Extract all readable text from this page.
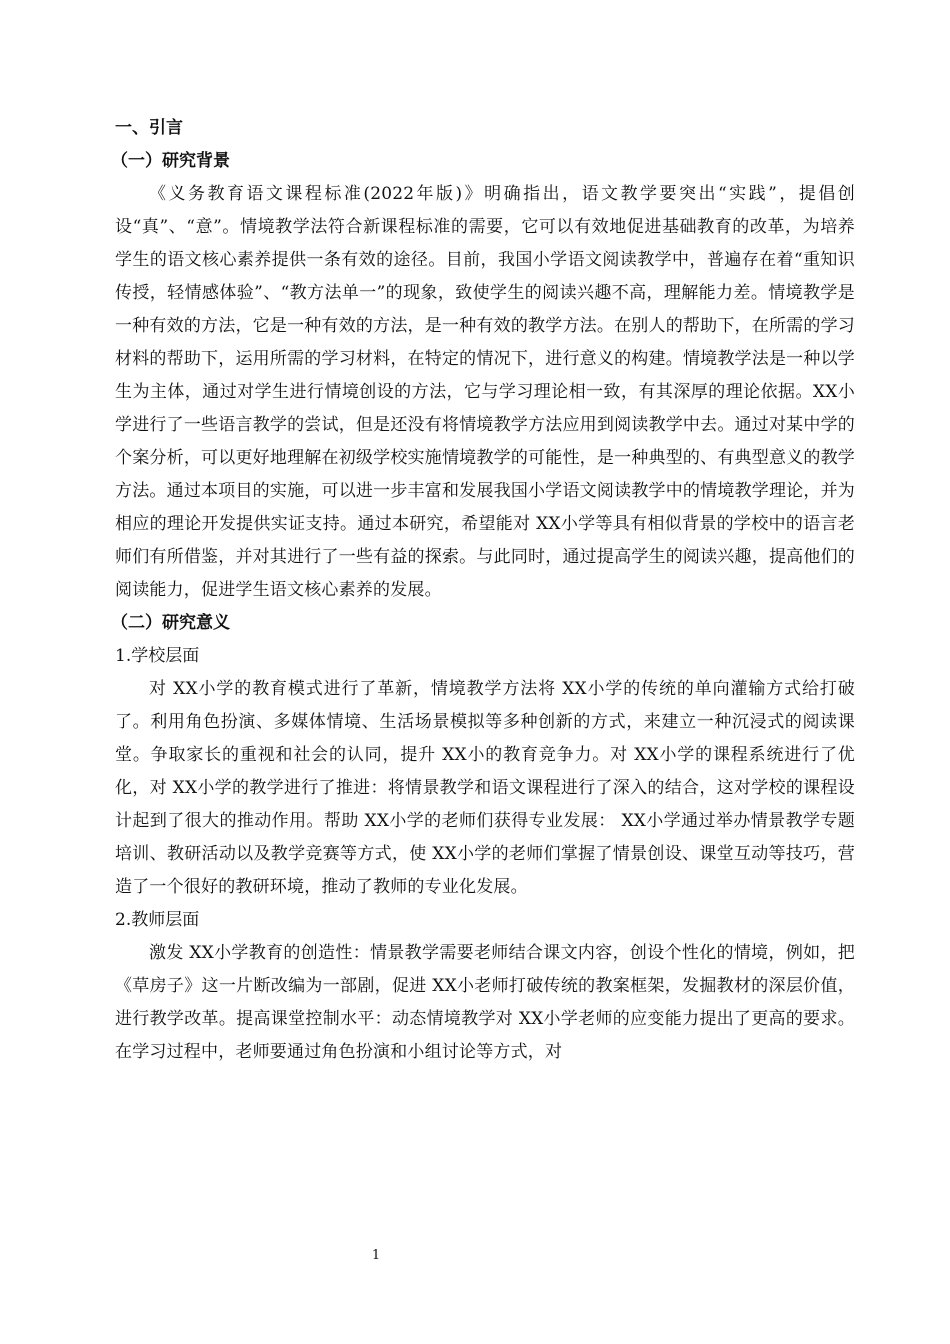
一、引言
（一）研究背景

《义务教育语文课程标准(2022年版)》明确指出，语文教学要突出“实践”，提倡创设“真”、“意”。情境教学法符合新课程标准的需要，它可以有效地促进基础教育的改革，为培养学生的语文核心素养提供一条有效的途径。目前，我国小学语文阅读教学中，普遍存在着“重知识传授，轻情感体验”、“教方法单一”的现象，致使学生的阅读兴趣不高，理解能力差。情境教学是一种有效的方法，它是一种有效的方法，是一种有效的教学方法。在别人的帮助下，在所需的学习材料的帮助下，运用所需的学习材料，在特定的情况下，进行意义的构建。情境教学法是一种以学生为主体，通过对学生进行情境创设的方法，它与学习理论相一致，有其深厚的理论依据。XX小学进行了一些语言教学的尝试，但是还没有将情境教学方法应用到阅读教学中去。通过对某中学的个案分析，可以更好地理解在初级学校实施情境教学的可能性，是一种典型的、有典型意义的教学方法。通过本项目的实施，可以进一步丰富和发展我国小学语文阅读教学中的情境教学理论，并为相应的理论开发提供实证支持。通过本研究，希望能对 XX小学等具有相似背景的学校中的语言老师们有所借鉴，并对其进行了一些有益的探索。与此同时，通过提高学生的阅读兴趣，提高他们的阅读能力，促进学生语文核心素养的发展。

（二）研究意义
1.学校层面

对 XX小学的教育模式进行了革新，情境教学方法将 XX小学的传统的单向灌输方式给打破了。利用角色扮演、多媒体情境、生活场景模拟等多种创新的方式，来建立一种沉浸式的阅读课堂。争取家长的重视和社会的认同，提升 XX小的教育竞争力。对 XX小学的课程系统进行了优化，对 XX小学的教学进行了推进：将情景教学和语文课程进行了深入的结合，这对学校的课程设计起到了很大的推动作用。帮助 XX小学的老师们获得专业发展： XX小学通过举办情景教学专题培训、教研活动以及教学竞赛等方式，使 XX小学的老师们掌握了情景创设、课堂互动等技巧，营造了一个很好的教研环境，推动了教师的专业化发展。

2.教师层面

激发 XX小学教育的创造性：情景教学需要老师结合课文内容，创设个性化的情境，例如，把《草房子》这一片断改编为一部剧，促进 XX小老师打破传统的教案框架，发掘教材的深层价值，进行教学改革。提高课堂控制水平：动态情境教学对 XX小学老师的应变能力提出了更高的要求。在学习过程中，老师要通过角色扮演和小组讨论等方式，对

1
